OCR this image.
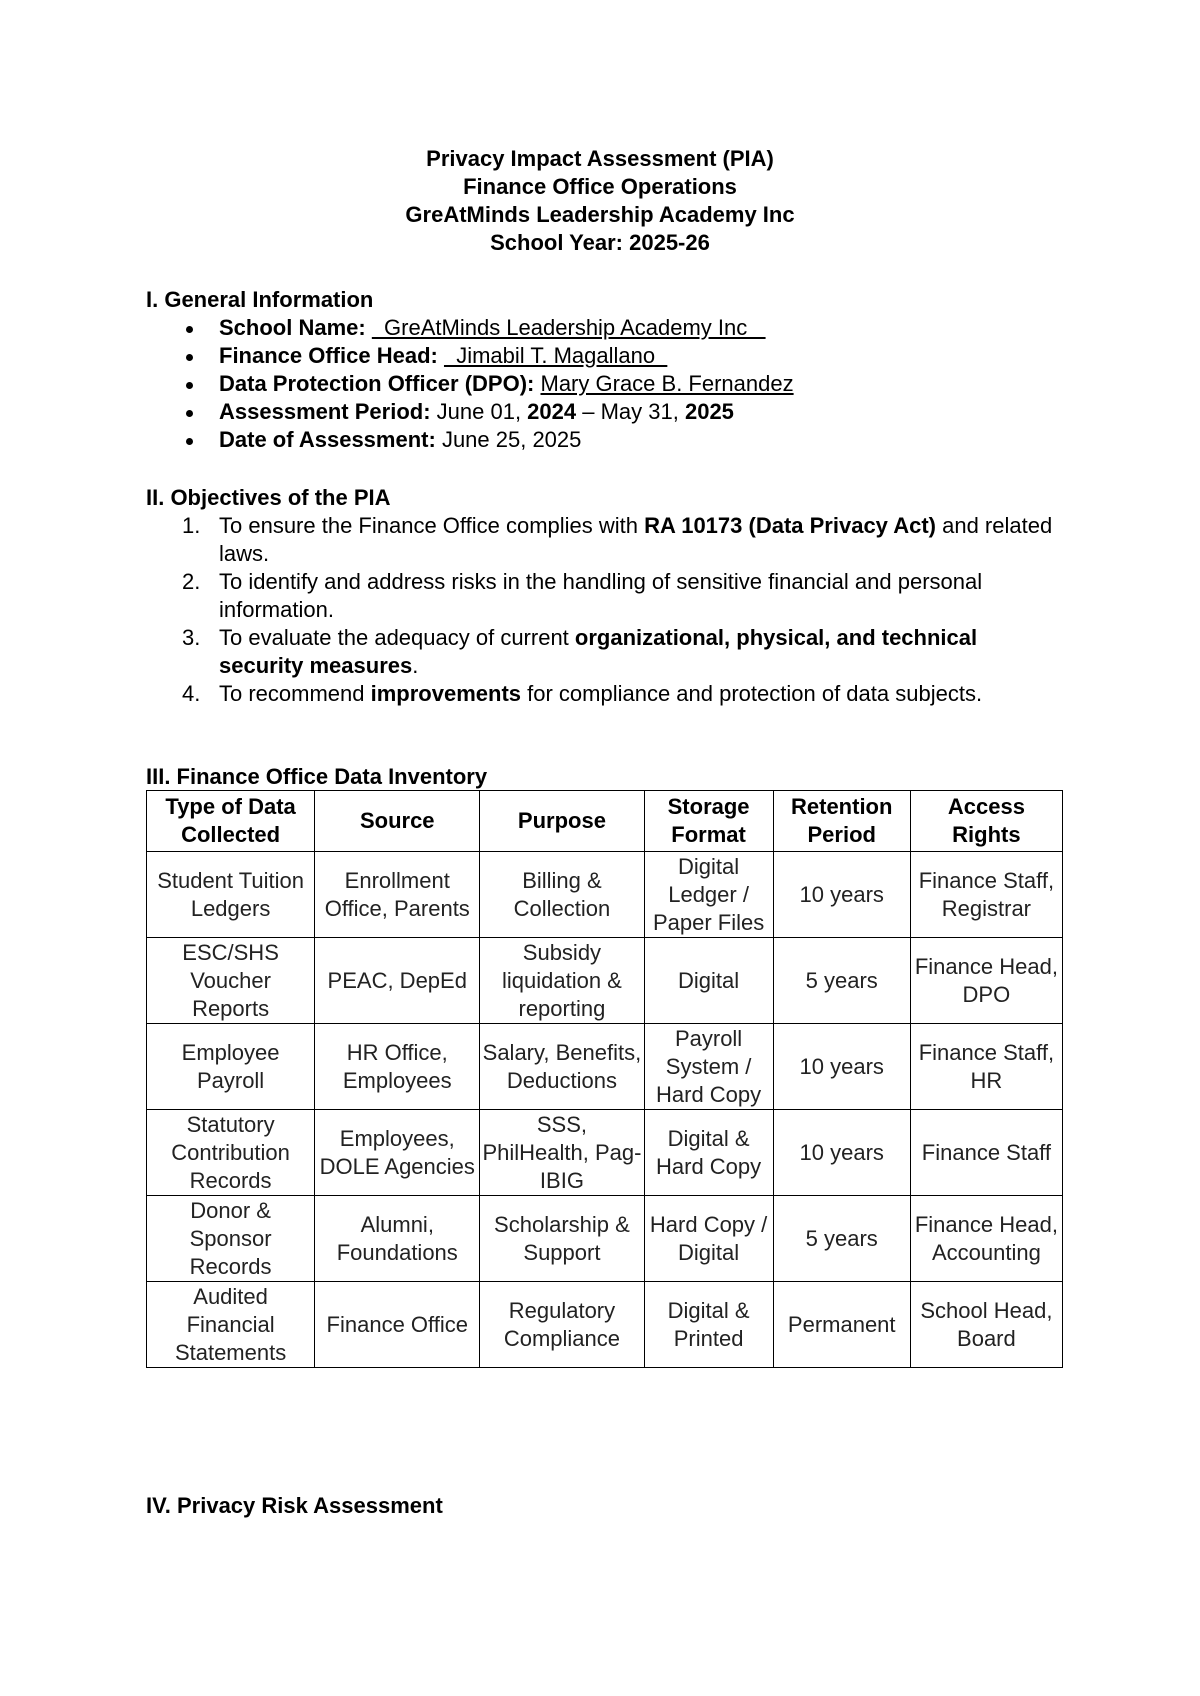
Privacy Impact Assessment (PIA)
Finance Office Operations
GreAtMinds Leadership Academy Inc
School Year: 2025-26
I. General Information
School Name:   GreAtMinds Leadership Academy Inc
Finance Office Head:   Jimabil T. Magallano
Data Protection Officer (DPO): Mary Grace B. Fernandez
Assessment Period: June 01, 2024 – May 31, 2025
Date of Assessment: June 25, 2025
II. Objectives of the PIA
1. To ensure the Finance Office complies with RA 10173 (Data Privacy Act) and related laws.
2. To identify and address risks in the handling of sensitive financial and personal information.
3. To evaluate the adequacy of current organizational, physical, and technical security measures.
4. To recommend improvements for compliance and protection of data subjects.
III. Finance Office Data Inventory
Type of Data Collected	Source	Purpose	Storage Format	Retention Period	Access Rights
Student Tuition Ledgers	Enrollment Office, Parents	Billing & Collection	Digital Ledger / Paper Files	10 years	Finance Staff, Registrar
ESC/SHS Voucher Reports	PEAC, DepEd	Subsidy liquidation & reporting	Digital	5 years	Finance Head, DPO
Employee Payroll	HR Office, Employees	Salary, Benefits, Deductions	Payroll System / Hard Copy	10 years	Finance Staff, HR
Statutory Contribution Records	Employees, DOLE Agencies	SSS, PhilHealth, Pag-IBIG	Digital & Hard Copy	10 years	Finance Staff
Donor & Sponsor Records	Alumni, Foundations	Scholarship & Support	Hard Copy / Digital	5 years	Finance Head, Accounting
Audited Financial Statements	Finance Office	Regulatory Compliance	Digital & Printed	Permanent	School Head, Board
IV. Privacy Risk Assessment
